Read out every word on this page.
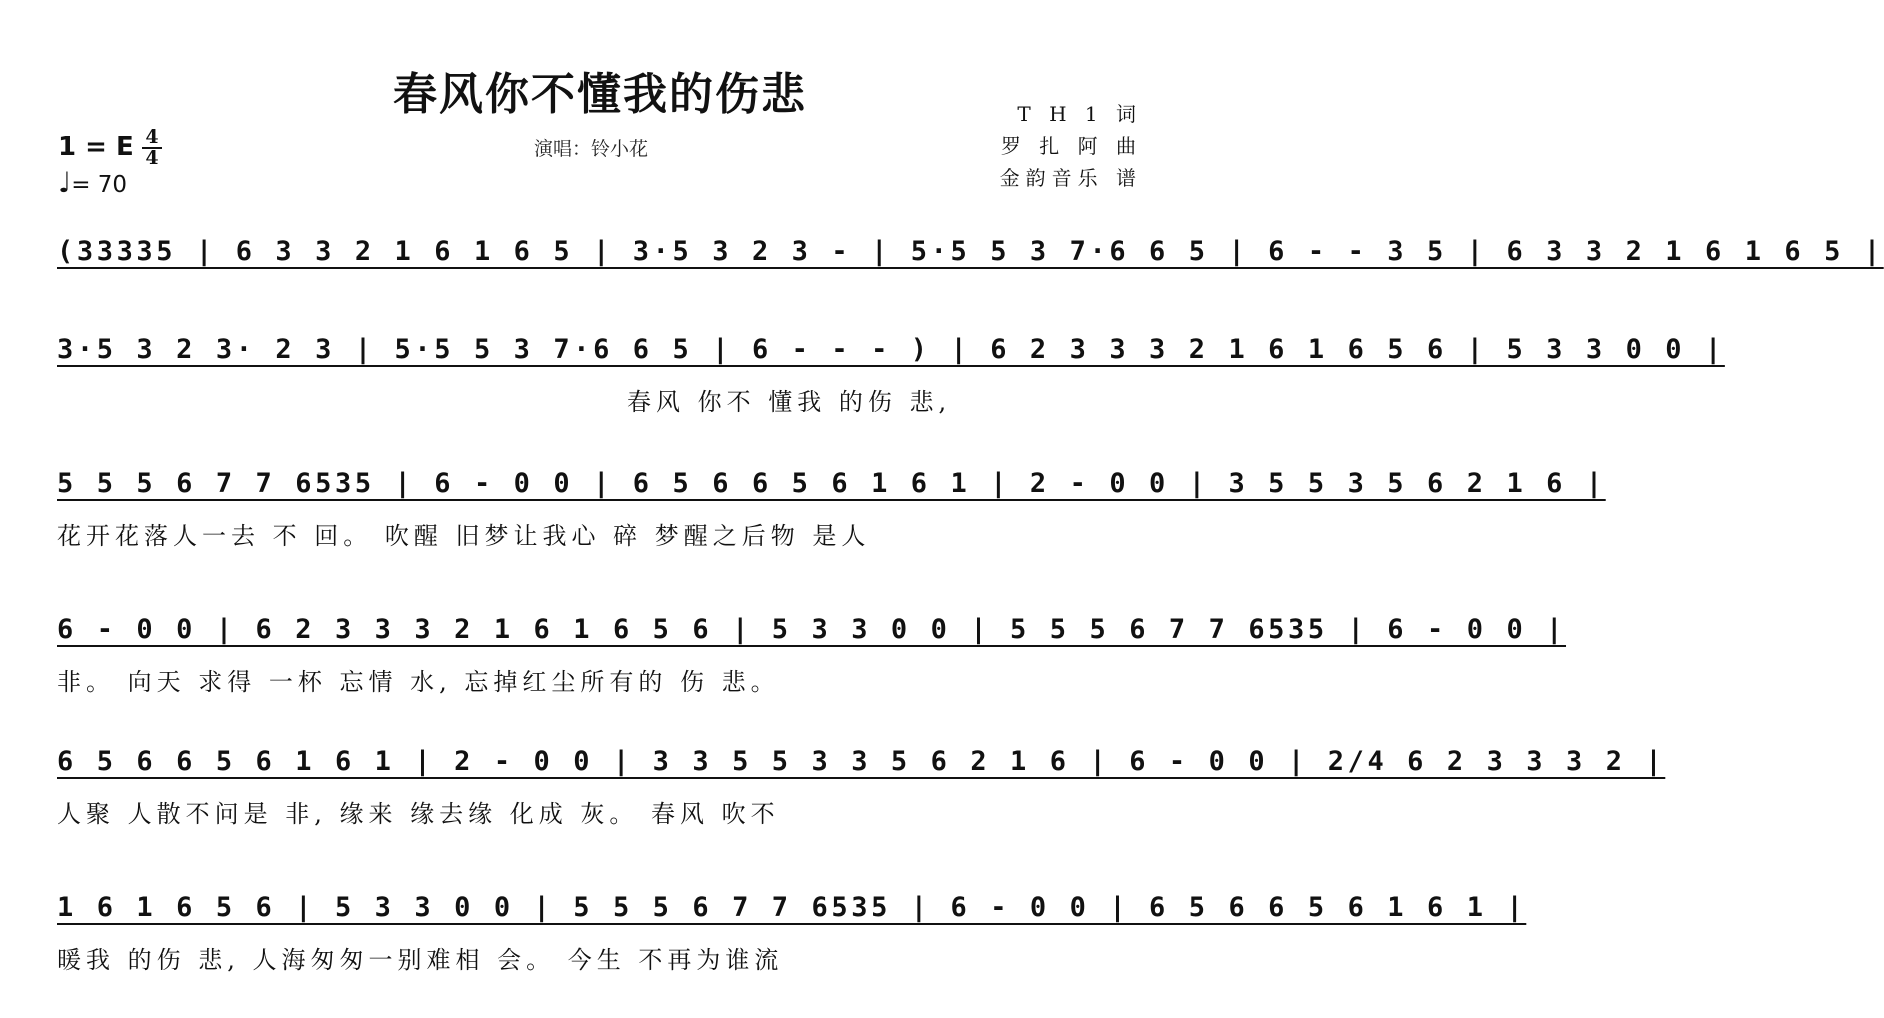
春风你不懂我的伤悲
演唱：铃小花
T H 1 词
罗 扎 阿 曲
金韵音乐 谱
1 = E $\frac{4}{4}$
♩= 70
(33335 | 6 3 3 2 1 6 1 6 5 | 3·5 3 2 3 - | 5·5 5 3 7·6 6 5 | 6 - - 3 5 | 6 3 3 2 1 6 1 6 5 |
3·5 3 2 3· 2 3 | 5·5 5 3 7·6 6 5 | 6 - - - ) | 6 2 3 3 3 2 1 6 1 6 5 6 | 5 3 3 0 0 |
春风 你不 懂我 的伤 悲,
5 5 5 6 7 7 6535 | 6 - 0 0 | 6 5 6 6 5 6 1 6 1 | 2 - 0 0 | 3 5 5 3 5 6 2 1 6 |
花开花落人一去 不 回。 吹醒 旧梦让我心 碎 梦醒之后物 是人
6 - 0 0 | 6 2 3 3 3 2 1 6 1 6 5 6 | 5 3 3 0 0 | 5 5 5 6 7 7 6535 | 6 - 0 0 |
非。 向天 求得 一杯 忘情 水, 忘掉红尘所有的 伤 悲。
6 5 6 6 5 6 1 6 1 | 2 - 0 0 | 3 3 5 5 3 3 5 6 2 1 6 | 6 - 0 0 | 2/4 6 2 3 3 3 2 |
人聚 人散不问是 非, 缘来 缘去缘 化成 灰。 春风 吹不
1 6 1 6 5 6 | 5 3 3 0 0 | 5 5 5 6 7 7 6535 | 6 - 0 0 | 6 5 6 6 5 6 1 6 1 |
暖我 的伤 悲, 人海匆匆一别难相 会。 今生 不再为谁流
